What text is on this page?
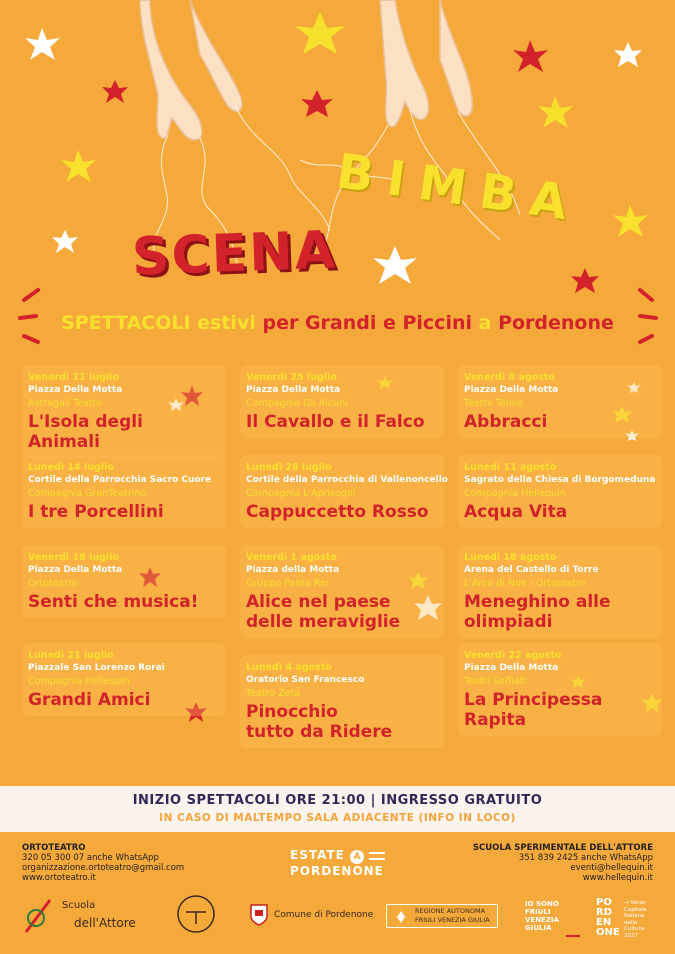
BIMBA
SCENA
SPETTACOLI estivi per Grandi e Piccini a Pordenone
Venerdì 11 luglio
Piazza Della Motta
Astragali Teatro
L'Isola degli Animali
Lunedì 14 luglio
Cortile della Parrocchia Sacro Cuore
Compagnia GranTeatrino
I tre Porcellini
Venerdì 18 luglio
Piazza Della Motta
Ortoteatro
Senti che musica!
Lunedì 21 luglio
Piazzale San Lorenzo Rorai
Compagnia Hellequin
Grandi Amici
Venerdì 25 luglio
Piazza Della Motta
Compagnia Gli Alcuni
Il Cavallo e il Falco
Lunedì 28 luglio
Cortile della Parrocchia di Vallenoncello
Compagnia L'Aprisogni
Cappuccetto Rosso
Venerdì 1 agosto
Piazza della Motta
Gruppo Panta Rei
Alice nel paese
delle meraviglie
Lunedì 4 agosto
Oratorio San Francesco
Teatro Zeta
Pinocchio
tutto da Ridere
Venerdì 8 agosto
Piazza Della Motta
Teatro Telaio
Abbracci
Lunedì 11 agosto
Sagrato della Chiesa di Borgomeduna
Compagnia Hellequin
Acqua Vita
Lunedì 18 agosto
Arena del Castello di Torre
L'Arca di Noe / Ortoteatro
Meneghino alle olimpiadi
Venerdì 22 agosto
Piazza Della Motta
Teatri Soffiati
La Principessa Rapita
INIZIO SPETTACOLI ORE 21:00 | INGRESSO GRATUITO
IN CASO DI MALTEMPO SALA ADIACENTE (INFO IN LOCO)
ORTOTEATRO
320 05 300 07 anche WhatsApp
organizzazione.ortoteatro@gmail.com
www.ortoteatro.it
ESTATE A
PORDENONE
SCUOLA SPERIMENTALE DELL'ATTORE
351 839 2425 anche WhatsApp
eventi@hellequin.it
www.hellequin.it
Scuola
dell'Attore
Comune di Pordenone	REGIONE AUTONOMA
FRIULI VENEZIA GIULIA
IO SONO
FRIULI
VENEZIA
GIULIA
PO
RD
EN
ONE
→ Verso
Capitale
Italiana
della
Cultura
2027
